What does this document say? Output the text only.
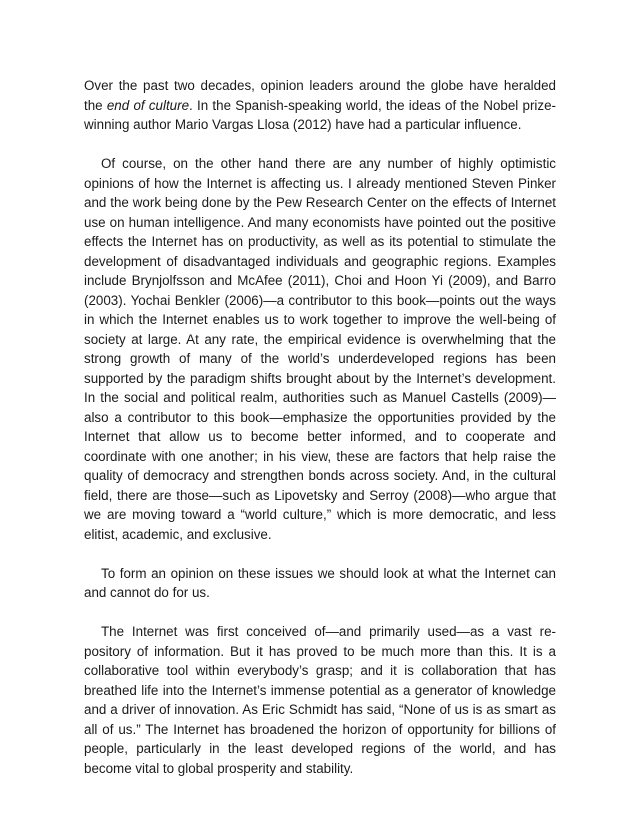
Over the past two decades, opinion leaders around the globe have heralded the end of culture. In the Spanish-speaking world, the ideas of the Nobel prize-winning author Mario Vargas Llosa (2012) have had a particular influence.

Of course, on the other hand there are any number of highly optimistic opinions of how the Internet is affecting us. I already mentioned Steven Pinker and the work being done by the Pew Research Center on the effects of Internet use on human intelligence. And many economists have pointed out the positive effects the Internet has on productivity, as well as its potential to stimulate the development of disadvantaged individuals and geographic regions. Examples include Brynjolfsson and McAfee (2011), Choi and Hoon Yi (2009), and Barro (2003). Yochai Benkler (2006)—a contributor to this book—points out the ways in which the Internet enables us to work together to improve the well-being of society at large. At any rate, the empirical evidence is overwhelming that the strong growth of many of the world’s underdeveloped regions has been supported by the paradigm shifts brought about by the Internet’s development. In the social and political realm, authorities such as Manuel Castells (2009)—also a contributor to this book—emphasize the opportunities provided by the Internet that allow us to become better informed, and to cooperate and coordinate with one another; in his view, these are factors that help raise the quality of democracy and strengthen bonds across society. And, in the cultural field, there are those—such as Lipovetsky and Serroy (2008)—who argue that we are moving toward a “world culture,” which is more democratic, and less elitist, academic, and exclusive.

To form an opinion on these issues we should look at what the Internet can and cannot do for us.

The Internet was first conceived of—and primarily used—as a vast repository of information. But it has proved to be much more than this. It is a collaborative tool within everybody’s grasp; and it is collaboration that has breathed life into the Internet’s immense potential as a generator of knowledge and a driver of innovation. As Eric Schmidt has said, “None of us is as smart as all of us.” The Internet has broadened the horizon of opportunity for billions of people, particularly in the least developed regions of the world, and has become vital to global prosperity and stability.
